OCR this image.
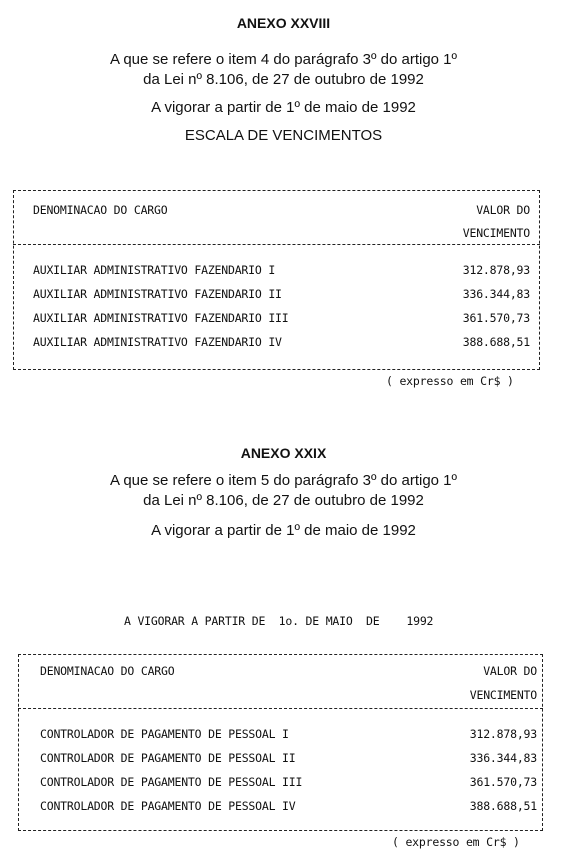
ANEXO XXVIII
A que se refere o item 4 do parágrafo 3º do artigo 1º
da Lei nº 8.106, de 27 de outubro de 1992
A vigorar a partir de 1º de maio de 1992
ESCALA DE VENCIMENTOS
DENOMINACAO DO CARGO	VALOR DO
VENCIMENTO
AUXILIAR ADMINISTRATIVO FAZENDARIO I	312.878,93
AUXILIAR ADMINISTRATIVO FAZENDARIO II	336.344,83
AUXILIAR ADMINISTRATIVO FAZENDARIO III	361.570,73
AUXILIAR ADMINISTRATIVO FAZENDARIO IV	388.688,51
( expresso em Cr$ )
ANEXO XXIX
A que se refere o item 5 do parágrafo 3º do artigo 1º
da Lei nº 8.106, de 27 de outubro de 1992
A vigorar a partir de 1º de maio de 1992
A VIGORAR A PARTIR DE  1o. DE MAIO  DE    1992
DENOMINACAO DO CARGO	VALOR DO
VENCIMENTO
CONTROLADOR DE PAGAMENTO DE PESSOAL I	312.878,93
CONTROLADOR DE PAGAMENTO DE PESSOAL II	336.344,83
CONTROLADOR DE PAGAMENTO DE PESSOAL III	361.570,73
CONTROLADOR DE PAGAMENTO DE PESSOAL IV	388.688,51
( expresso em Cr$ )
